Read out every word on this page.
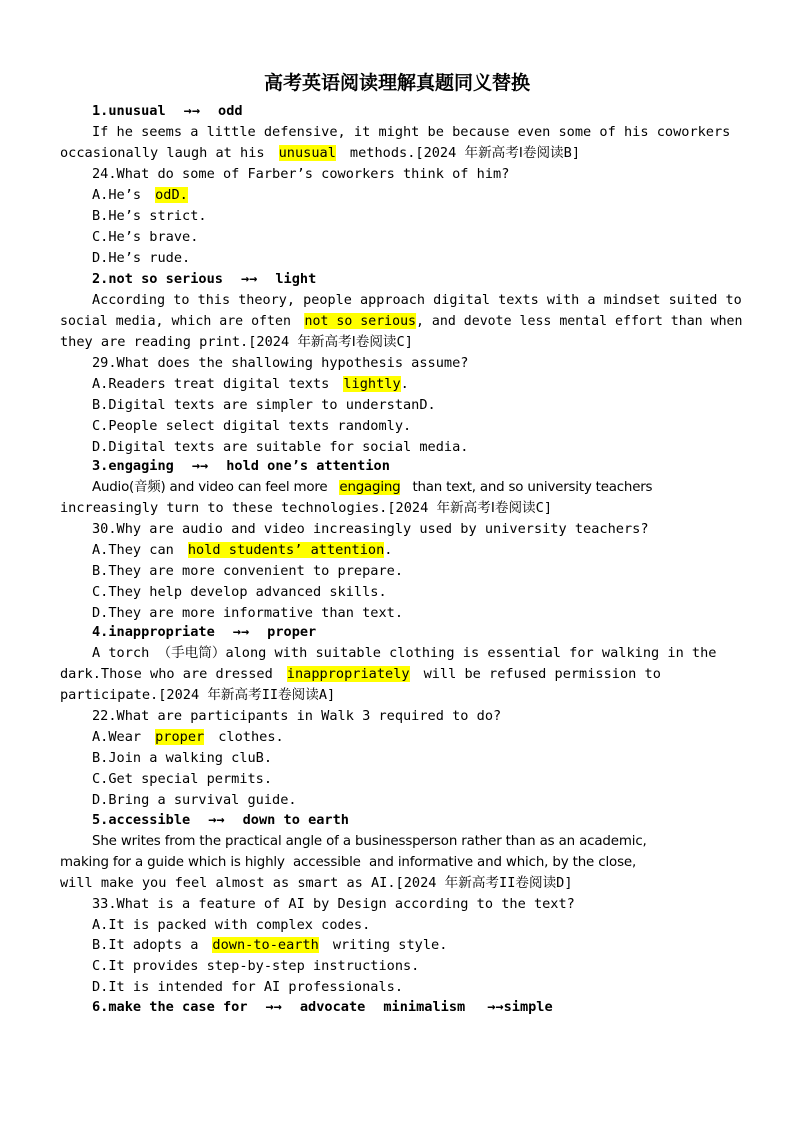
高考英语阅读理解真题同义替换
1.unusual →→ odd
If he seems a little defensive, it might be because even some of his coworkers
occasionally laugh at his unusual methods.[2024 年新高考Ⅰ卷阅读B]
24.What do some of Farber’s coworkers think of him?
A.He’s odD.
B.He’s strict.
C.He’s brave.
D.He’s rude.
2.not so serious →→ light
According to this theory, people approach digital texts with a mindset suited to
social media, which are often not so serious, and devote less mental effort than when
they are reading print.[2024 年新高考Ⅰ卷阅读C]
29.What does the shallowing hypothesis assume?
A.Readers treat digital texts lightly.
B.Digital texts are simpler to understanD.
C.People select digital texts randomly.
D.Digital texts are suitable for social media.
3.engaging →→ hold one’s attention
Audio(音频) and video can feel more engaging than text, and so university teachers
increasingly turn to these technologies.[2024 年新高考Ⅰ卷阅读C]
30.Why are audio and video increasingly used by university teachers?
A.They can hold students’ attention.
B.They are more convenient to prepare.
C.They help develop advanced skills.
D.They are more informative than text.
4.inappropriate →→ proper
A torch （手电筒）along with suitable clothing is essential for walking in the
dark.Those who are dressed inappropriately will be refused permission to
participate.[2024 年新高考II卷阅读A]
22.What are participants in Walk 3 required to do?
A.Wear proper clothes.
B.Join a walking cluB.
C.Get special permits.
D.Bring a survival guide.
5.accessible →→ down to earth
She writes from the practical angle of a businessperson rather than as an academic,
making for a guide which is highly  accessible  and informative and which, by the close,
will make you feel almost as smart as AI.[2024 年新高考II卷阅读D]
33.What is a feature of AI by Design according to the text?
A.It is packed with complex codes.
B.It adopts a down-to-earth writing style.
C.It provides step-by-step instructions.
D.It is intended for AI professionals.
6.make the case for →→ advocate minimalism →→simple
